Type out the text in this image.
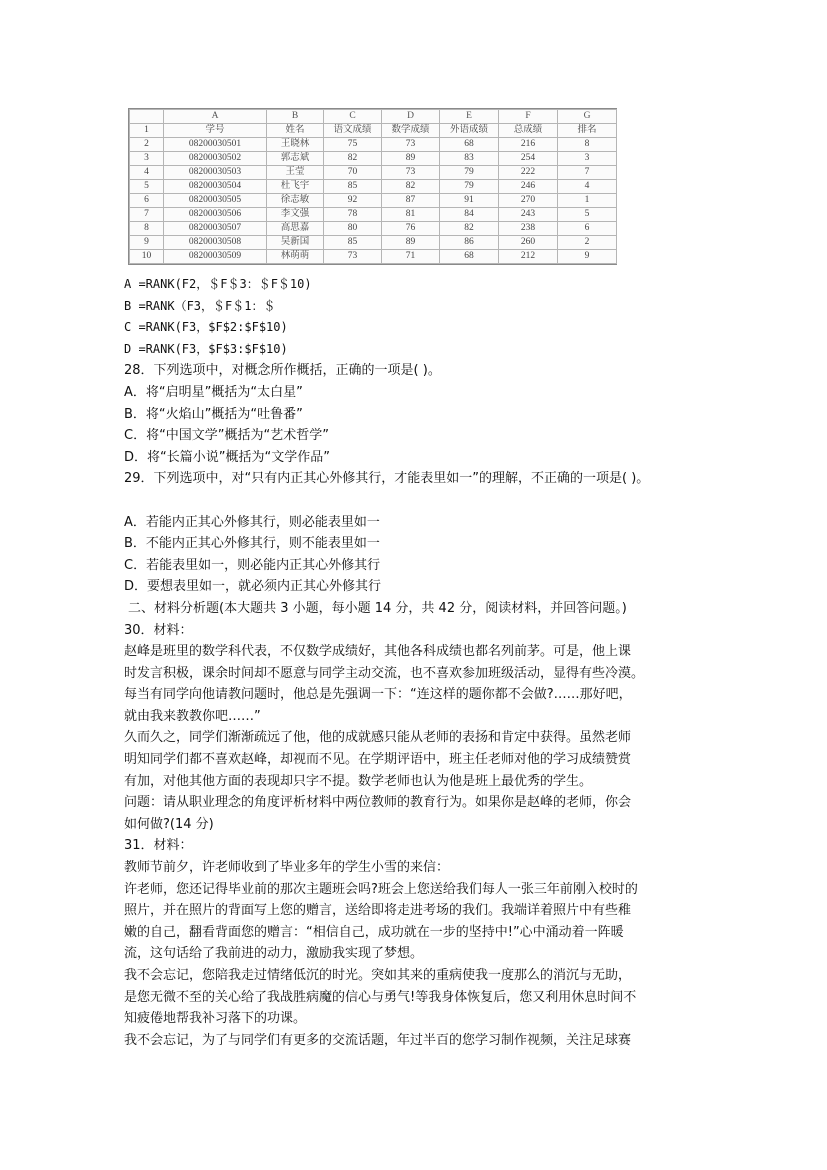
	A	B	C	D	E	F	G
1	学号	姓名	语文成绩	数学成绩	外语成绩	总成绩	排名
2	08200030501	王晓林	75	73	68	216	8
3	08200030502	郭志斌	82	89	83	254	3
4	08200030503	王莹	70	73	79	222	7
5	08200030504	杜飞宇	85	82	79	246	4
6	08200030505	徐志敏	92	87	91	270	1
7	08200030506	李文强	78	81	84	243	5
8	08200030507	高思嘉	80	76	82	238	6
9	08200030508	吴新国	85	89	86	260	2
10	08200030509	林萌萌	73	71	68	212	9
A =RANK(F2，＄F＄3：＄F＄10)
B =RANK（F3，＄F＄1：＄
C =RANK(F3，$F$2:$F$10)
D =RANK(F3，$F$3:$F$10)
28．下列选项中，对概念所作概括，正确的一项是( )。
A．将“启明星”概括为“太白星”
B．将“火焰山”概括为“吐鲁番”
C．将“中国文学”概括为“艺术哲学”
D．将“长篇小说”概括为“文学作品”
29．下列选项中，对“只有内正其心外修其行，才能表里如一”的理解，不正确的一项是( )。
A．若能内正其心外修其行，则必能表里如一
B．不能内正其心外修其行，则不能表里如一
C．若能表里如一，则必能内正其心外修其行
D．要想表里如一，就必须内正其心外修其行
二、材料分析题(本大题共 3 小题，每小题 14 分，共 42 分，阅读材料，并回答问题。)
30．材料：
赵峰是班里的数学科代表，不仅数学成绩好，其他各科成绩也都名列前茅。可是，他上课
时发言积极，课余时间却不愿意与同学主动交流，也不喜欢参加班级活动，显得有些冷漠。
每当有同学向他请教问题时，他总是先强调一下：“连这样的题你都不会做?……那好吧，
就由我来教教你吧……”
久而久之，同学们渐渐疏远了他，他的成就感只能从老师的表扬和肯定中获得。虽然老师
明知同学们都不喜欢赵峰，却视而不见。在学期评语中，班主任老师对他的学习成绩赞赏
有加，对他其他方面的表现却只字不提。数学老师也认为他是班上最优秀的学生。
问题：请从职业理念的角度评析材料中两位教师的教育行为。如果你是赵峰的老师，你会
如何做?(14 分)
31．材料：
教师节前夕，许老师收到了毕业多年的学生小雪的来信：
许老师，您还记得毕业前的那次主题班会吗?班会上您送给我们每人一张三年前刚入校时的
照片，并在照片的背面写上您的赠言，送给即将走进考场的我们。我端详着照片中有些稚
嫩的自己，翻看背面您的赠言：“相信自己，成功就在一步的坚持中!”心中涌动着一阵暖
流，这句话给了我前进的动力，激励我实现了梦想。
我不会忘记，您陪我走过情绪低沉的时光。突如其来的重病使我一度那么的消沉与无助，
是您无微不至的关心给了我战胜病魔的信心与勇气!等我身体恢复后，您又利用休息时间不
知疲倦地帮我补习落下的功课。
我不会忘记，为了与同学们有更多的交流话题，年过半百的您学习制作视频，关注足球赛
